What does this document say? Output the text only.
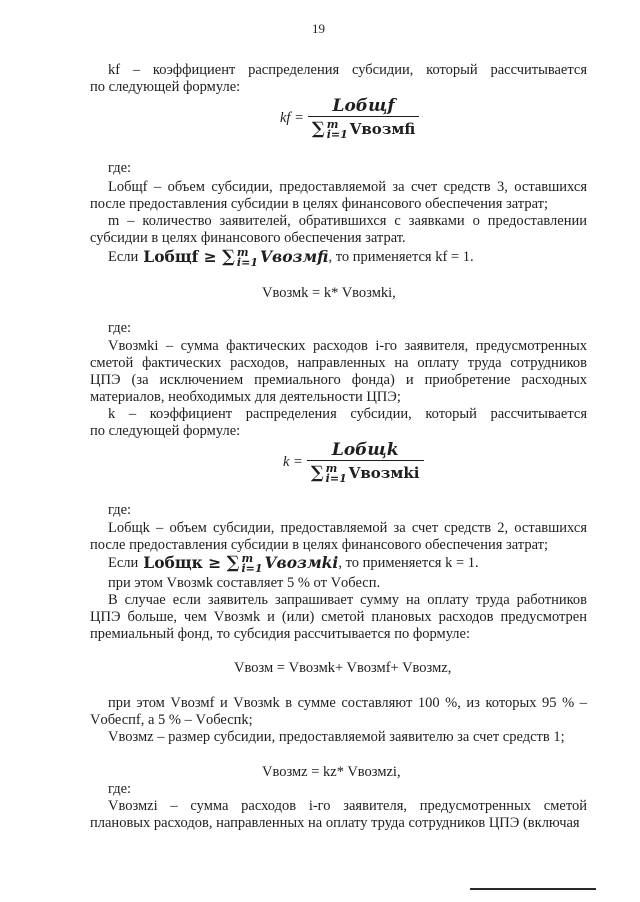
19
kf – коэффициент распределения субсидии, который рассчитывается
по следующей формуле:
kf = Lобщf
∑ m
i=1 Vвозмfi
где:
Lобщf – объем субсидии, предоставляемой за счет средств 3, оставшихся
после предоставления субсидии в целях финансового обеспечения затрат;
m – количество заявителей, обратившихся с заявками о предоставлении
субсидии в целях финансового обеспечения затрат.
Если Lобщf ≥ ∑ m
i=1 Vвозмfi , то применяется kf = 1.
Vвозмk = k* Vвозмki,
где:
Vвозмki – сумма фактических расходов i-го заявителя, предусмотренных
сметой фактических расходов, направленных на оплату труда сотрудников
ЦПЭ (за исключением премиального фонда) и приобретение расходных
материалов, необходимых для деятельности ЦПЭ;
k – коэффициент распределения субсидии, который рассчитывается
по следующей формуле:
k = Lобщk
∑ m
i=1 Vвозмki
где:
Lобщk – объем субсидии, предоставляемой за счет средств 2, оставшихся
после предоставления субсидии в целях финансового обеспечения затрат;
Если Lобщк ≥ ∑ m
i=1 Vвозмki , то применяется k = 1.
при этом Vвозмk составляет 5 % от Vобесп.
В случае если заявитель запрашивает сумму на оплату труда работников
ЦПЭ больше, чем Vвозмk и (или) сметой плановых расходов предусмотрен
премиальный фонд, то субсидия рассчитывается по формуле:
Vвозм = Vвозмk+ Vвозмf+ Vвозмz,
при этом Vвозмf и Vвозмk в сумме составляют 100 %, из которых 95 % –
Vобеспf, а 5 % – Vобеспk;
Vвозмz – размер субсидии, предоставляемой заявителю за счет средств 1;
Vвозмz = kz* Vвозмzi,
где:
Vвозмzi – сумма расходов i-го заявителя, предусмотренных сметой
плановых расходов, направленных на оплату труда сотрудников ЦПЭ (включая
